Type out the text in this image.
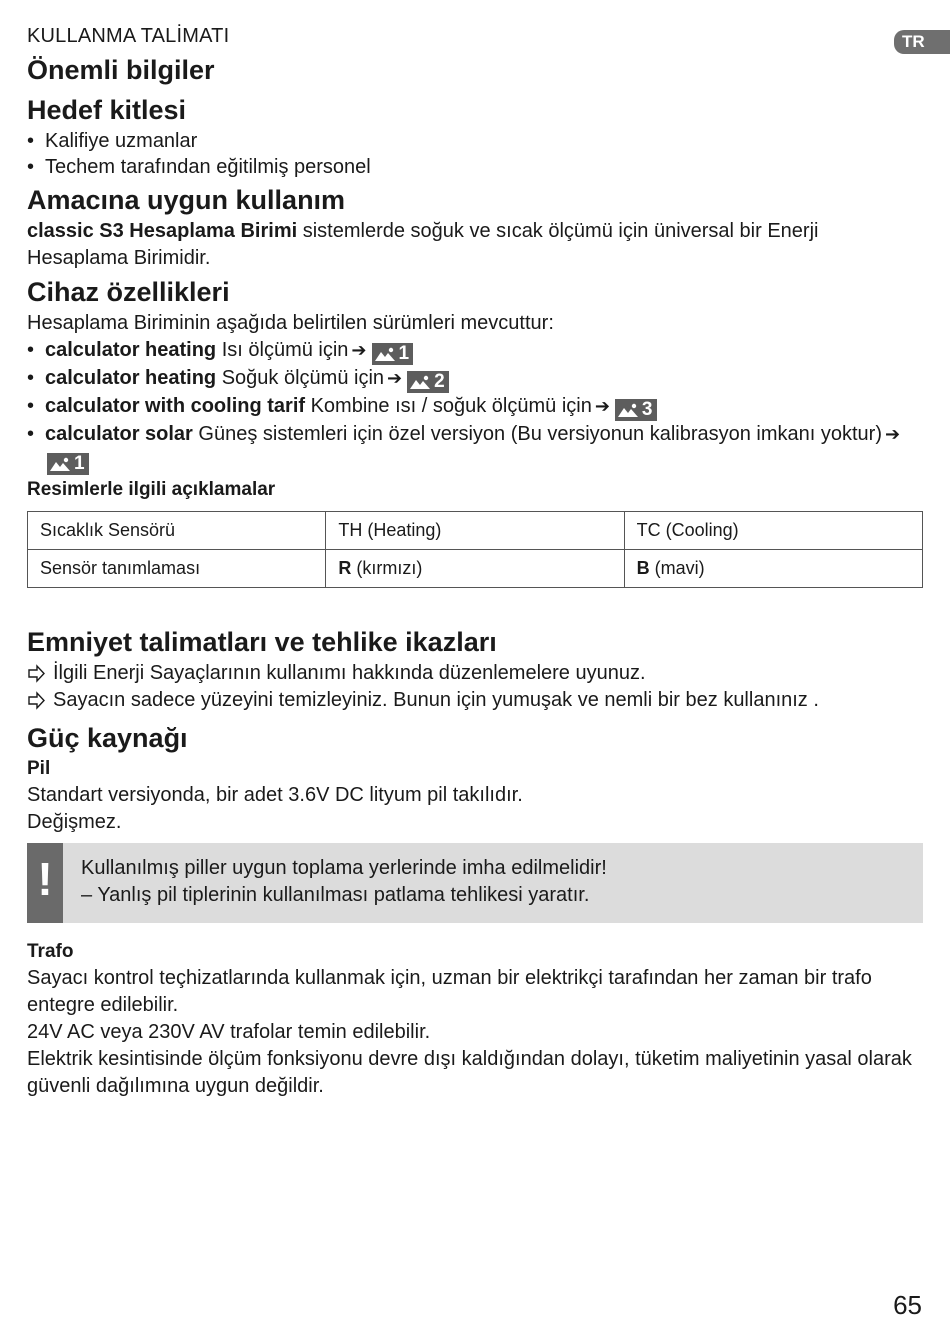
TR
KULLANMA TALİMATI
Önemli bilgiler
Hedef kitlesi
• Kalifiye uzmanlar
• Techem tarafından eğitilmiş personel
Amacına uygun kullanım

classic S3 Hesaplama Birimi sistemlerde soğuk ve sıcak ölçümü için üniversal bir Enerji Hesaplama Birimidir.

Cihaz özellikleri

Hesaplama Biriminin aşağıda belirtilen sürümleri mevcuttur:

• calculator heating Isı ölçümü için ➔ 1
• calculator heating Soğuk ölçümü için ➔ 2
• calculator with cooling tarif Kombine ısı / soğuk ölçümü için ➔ 3
• calculator solar Güneş sistemleri için özel versiyon (Bu versiyonun kalibrasyon imkanı yoktur) ➔1
Resimlerle ilgili açıklamalar
Sıcaklık Sensörü	TH (Heating)	TC (Cooling)
Sensör tanımlaması	R (kırmızı)	B (mavi)
Emniyet talimatları ve tehlike ikazları
İlgili Enerji Sayaçlarının kullanımı hakkında düzenlemelere uyunuz.
Sayacın sadece yüzeyini temizleyiniz. Bunun için yumuşak ve nemli bir bez kullanınız .
Güç kaynağı
Pil

Standart versiyonda, bir adet 3.6V DC lityum pil takılıdır.

Değişmez.

!	Kullanılmış piller uygun toplama yerlerinde imha edilmelidir!

– Yanlış pil tiplerinin kullanılması patlama tehlikesi yaratır.

Trafo

Sayacı kontrol teçhizatlarında kullanmak için, uzman bir elektrikçi tarafından her zaman bir trafo entegre edilebilir.

24V AC veya 230V AV trafolar temin edilebilir.

Elektrik kesintisinde ölçüm fonksiyonu devre dışı kaldığından dolayı, tüketim maliyetinin yasal olarak güvenli dağılımına uygun değildir.

65
